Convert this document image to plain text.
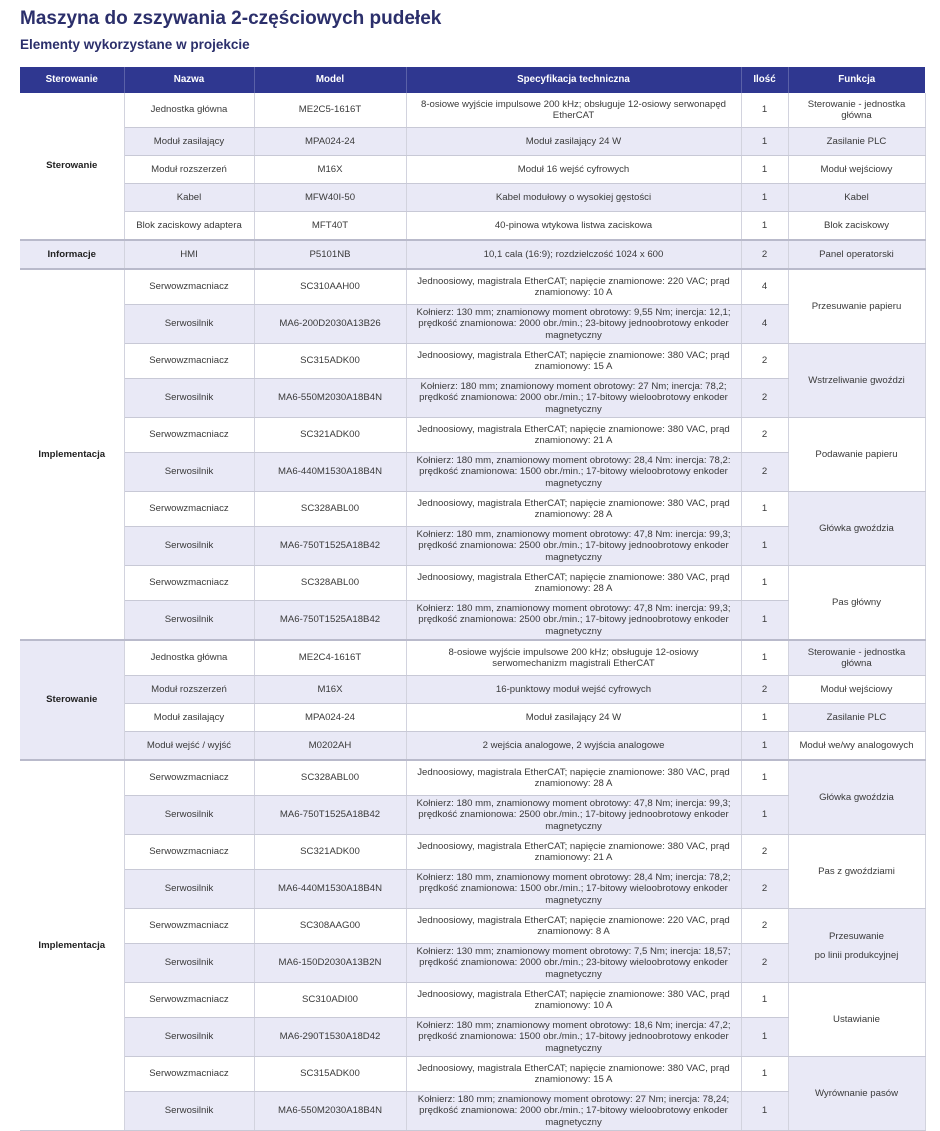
Maszyna do zszywania 2-częściowych pudełek
Elementy wykorzystane w projekcie
Sterowanie	Nazwa	Model	Specyfikacja techniczna	Ilość	Funkcja
Sterowanie	Jednostka główna	ME2C5-1616T	8-osiowe wyjście impulsowe 200 kHz; obsługuje 12-osiowy serwonapęd EtherCAT	1	Sterowanie - jednostka główna
	Moduł zasilający	MPA024-24	Moduł zasilający 24 W	1	Zasilanie PLC
	Moduł rozszerzeń	M16X	Moduł 16 wejść cyfrowych	1	Moduł wejściowy
	Kabel	MFW40I-50	Kabel modułowy o wysokiej gęstości	1	Kabel
	Blok zaciskowy adaptera	MFT40T	40-pinowa wtykowa listwa zaciskowa	1	Blok zaciskowy
Informacje	HMI	P5101NB	10,1 cala (16:9); rozdzielczość 1024 x 600	2	Panel operatorski
Implementacja	Serwowzmacniacz	SC310AAH00	Jednoosiowy, magistrala EtherCAT; napięcie znamionowe: 220 VAC; prąd znamionowy: 10 A	4	Przesuwanie papieru
	Serwosilnik	MA6-200D2030A13B26	Kołnierz: 130 mm; znamionowy moment obrotowy: 9,55 Nm; inercja: 12,1; prędkość znamionowa: 2000 obr./min.; 23-bitowy jednoobrotowy enkoder magnetyczny	4	
	Serwowzmacniacz	SC315ADK00	Jednoosiowy, magistrala EtherCAT; napięcie znamionowe: 380 VAC; prąd znamionowy: 15 A	2	Wstrzeliwanie gwoździ
	Serwosilnik	MA6-550M2030A18B4N	Kołnierz: 180 mm; znamionowy moment obrotowy: 27 Nm; inercja: 78,2; prędkość znamionowa: 2000 obr./min.; 17-bitowy wieloobrotowy enkoder magnetyczny	2	
	Serwowzmacniacz	SC321ADK00	Jednoosiowy, magistrala EtherCAT; napięcie znamionowe: 380 VAC, prąd znamionowy: 21 A	2	Podawanie papieru
	Serwosilnik	MA6-440M1530A18B4N	Kołnierz: 180 mm, znamionowy moment obrotowy: 28,4 Nm: inercja: 78,2: prędkość znamionowa: 1500 obr./min.; 17-bitowy wieloobrotowy enkoder magnetyczny	2	
	Serwowzmacniacz	SC328ABL00	Jednoosiowy, magistrala EtherCAT; napięcie znamionowe: 380 VAC, prąd znamionowy: 28 A	1	Główka gwoździa
	Serwosilnik	MA6-750T1525A18B42	Kołnierz: 180 mm, znamionowy moment obrotowy: 47,8 Nm: inercja: 99,3; prędkość znamionowa: 2500 obr./min.; 17-bitowy jednoobrotowy enkoder magnetyczny	1	
	Serwowzmacniacz	SC328ABL00	Jednoosiowy, magistrala EtherCAT; napięcie znamionowe: 380 VAC, prąd znamionowy: 28 A	1	Pas główny
	Serwosilnik	MA6-750T1525A18B42	Kołnierz: 180 mm, znamionowy moment obrotowy: 47,8 Nm: inercja: 99,3; prędkość znamionowa: 2500 obr./min.; 17-bitowy jednoobrotowy enkoder magnetyczny	1	
Sterowanie	Jednostka główna	ME2C4-1616T	8-osiowe wyjście impulsowe 200 kHz; obsługuje 12-osiowy serwomechanizm magistrali EtherCAT	1	Sterowanie - jednostka główna
	Moduł rozszerzeń	M16X	16-punktowy moduł wejść cyfrowych	2	Moduł wejściowy
	Moduł zasilający	MPA024-24	Moduł zasilający 24 W	1	Zasilanie PLC
	Moduł wejść / wyjść	M0202AH	2 wejścia analogowe, 2 wyjścia analogowe	1	Moduł we/wy analogowych
Implementacja	Serwowzmacniacz	SC328ABL00	Jednoosiowy, magistrala EtherCAT; napięcie znamionowe: 380 VAC, prąd znamionowy: 28 A	1	Główka gwoździa
	Serwosilnik	MA6-750T1525A18B42	Kołnierz: 180 mm, znamionowy moment obrotowy: 47,8 Nm; inercja: 99,3; prędkość znamionowa: 2500 obr./min.; 17-bitowy jednoobrotowy enkoder magnetyczny	1	
	Serwowzmacniacz	SC321ADK00	Jednoosiowy, magistrala EtherCAT; napięcie znamionowe: 380 VAC, prąd znamionowy: 21 A	2	Pas z gwoździami
	Serwosilnik	MA6-440M1530A18B4N	Kołnierz: 180 mm, znamionowy moment obrotowy: 28,4 Nm; inercja: 78,2; prędkość znamionowa: 1500 obr./min.; 17-bitowy wieloobrotowy enkoder magnetyczny	2	
	Serwowzmacniacz	SC308AAG00	Jednoosiowy, magistrala EtherCAT; napięcie znamionowe: 220 VAC, prąd znamionowy: 8 A	2	Przesuwanie
po linii produkcyjnej
	Serwosilnik	MA6-150D2030A13B2N	Kołnierz: 130 mm; znamionowy moment obrotowy: 7,5 Nm; inercja: 18,57; prędkość znamionowa: 2000 obr./min.; 23-bitowy wieloobrotowy enkoder magnetyczny	2	
	Serwowzmacniacz	SC310ADI00	Jednoosiowy, magistrala EtherCAT; napięcie znamionowe: 380 VAC, prąd znamionowy: 10 A	1	Ustawianie
	Serwosilnik	MA6-290T1530A18D42	Kołnierz: 180 mm; znamionowy moment obrotowy: 18,6 Nm; inercja: 47,2; prędkość znamionowa: 1500 obr./min.; 17-bitowy jednoobrotowy enkoder magnetyczny	1	
	Serwowzmacniacz	SC315ADK00	Jednoosiowy, magistrala EtherCAT; napięcie znamionowe: 380 VAC, prąd znamionowy: 15 A	1	Wyrównanie pasów
	Serwosilnik	MA6-550M2030A18B4N	Kołnierz: 180 mm; znamionowy moment obrotowy: 27 Nm; inercja: 78,24; prędkość znamionowa: 2000 obr./min.; 17-bitowy wieloobrotowy enkoder magnetyczny	1	
